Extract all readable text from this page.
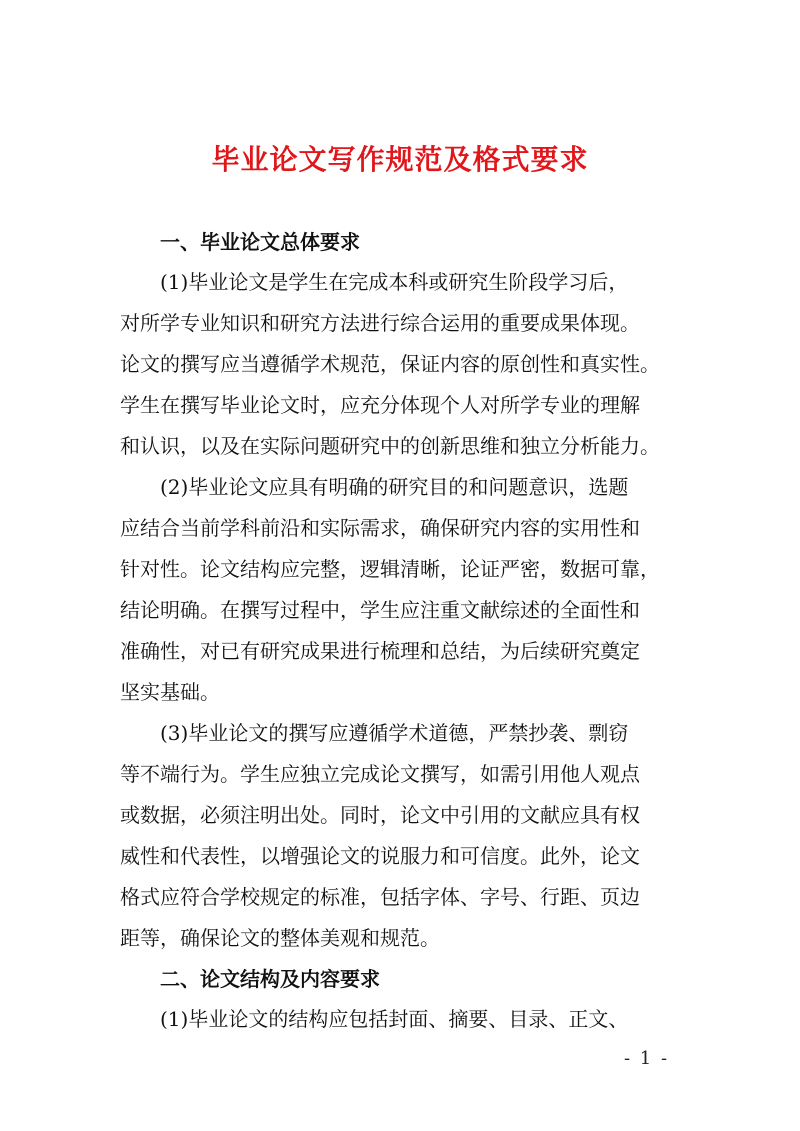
毕业论文写作规范及格式要求
一、毕业论文总体要求
(1)毕业论文是学生在完成本科或研究生阶段学习后，
对所学专业知识和研究方法进行综合运用的重要成果体现。
论文的撰写应当遵循学术规范，保证内容的原创性和真实性。
学生在撰写毕业论文时，应充分体现个人对所学专业的理解
和认识，以及在实际问题研究中的创新思维和独立分析能力。
(2)毕业论文应具有明确的研究目的和问题意识，选题
应结合当前学科前沿和实际需求，确保研究内容的实用性和
针对性。论文结构应完整，逻辑清晰，论证严密，数据可靠，
结论明确。在撰写过程中，学生应注重文献综述的全面性和
准确性，对已有研究成果进行梳理和总结，为后续研究奠定
坚实基础。
(3)毕业论文的撰写应遵循学术道德，严禁抄袭、剽窃
等不端行为。学生应独立完成论文撰写，如需引用他人观点
或数据，必须注明出处。同时，论文中引用的文献应具有权
威性和代表性，以增强论文的说服力和可信度。此外，论文
格式应符合学校规定的标准，包括字体、字号、行距、页边
距等，确保论文的整体美观和规范。
二、论文结构及内容要求
(1)毕业论文的结构应包括封面、摘要、目录、正文、
- 1 -
